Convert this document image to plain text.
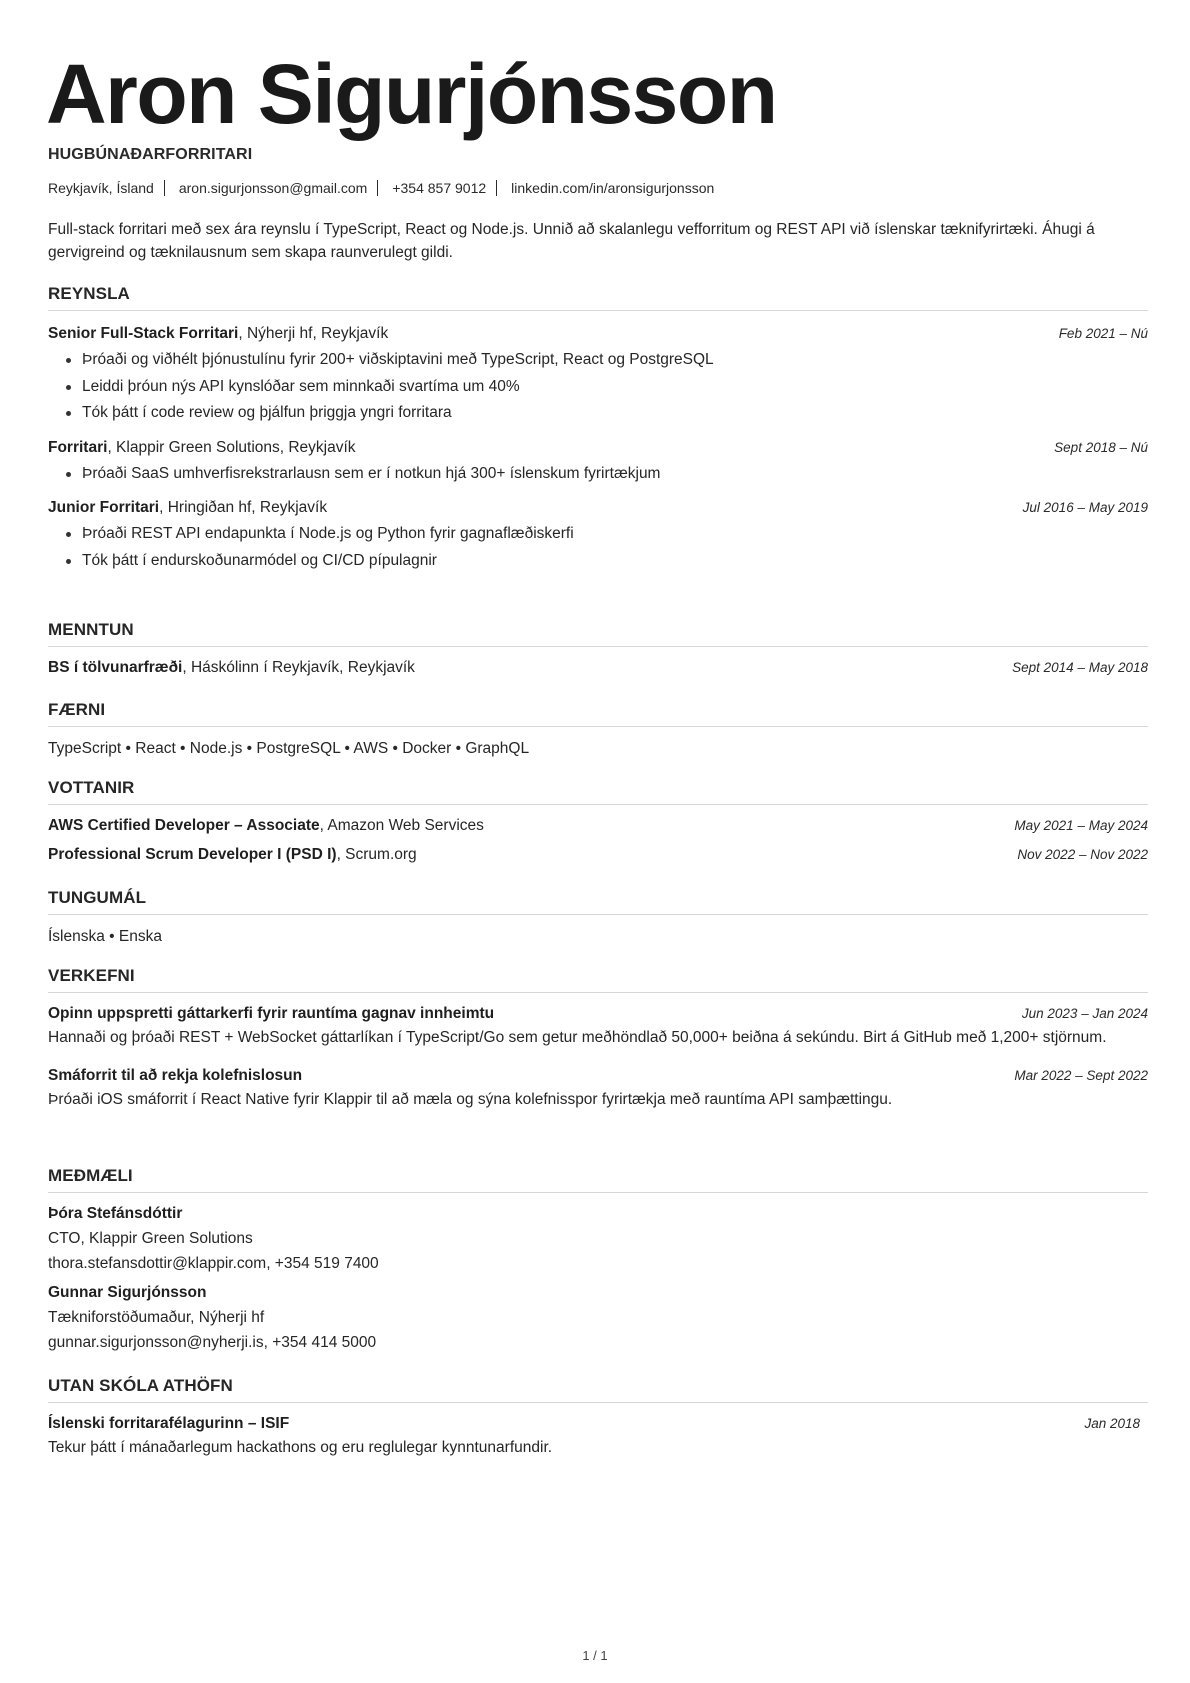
Aron Sigurjónsson
HUGBÚNAÐARFORRITARI
Reykjavík, Ísland aron.sigurjonsson@gmail.com +354 857 9012 linkedin.com/in/aronsigurjonsson
Full-stack forritari með sex ára reynslu í TypeScript, React og Node.js. Unnið að skalanlegu vefforritum og REST API við íslenskar tæknifyrirtæki. Áhugi á gervigreind og tæknilausnum sem skapa raunverulegt gildi.
REYNSLA
Senior Full-Stack Forritari, Nýherji hf, Reykjavík	Feb 2021 – Nú
Þróaði og viðhélt þjónustulínu fyrir 200+ viðskiptavini með TypeScript, React og PostgreSQL
Leiddi þróun nýs API kynslóðar sem minnkaði svartíma um 40%
Tók þátt í code review og þjálfun þriggja yngri forritara
Forritari, Klappir Green Solutions, Reykjavík	Sept 2018 – Nú
Þróaði SaaS umhverfisrekstrarlausn sem er í notkun hjá 300+ íslenskum fyrirtækjum
Junior Forritari, Hringiðan hf, Reykjavík	Jul 2016 – May 2019
Þróaði REST API endapunkta í Node.js og Python fyrir gagnaflæðiskerfi
Tók þátt í endurskoðunarmódel og CI/CD pípulagnir
MENNTUN
BS í tölvunarfræði, Háskólinn í Reykjavík, Reykjavík	Sept 2014 – May 2018
FÆRNI
TypeScript • React • Node.js • PostgreSQL • AWS • Docker • GraphQL
VOTTANIR
AWS Certified Developer – Associate, Amazon Web Services	May 2021 – May 2024
Professional Scrum Developer I (PSD I), Scrum.org	Nov 2022 – Nov 2022
TUNGUMÁL
Íslenska • Enska
VERKEFNI
Opinn uppspretti gáttarkerfi fyrir rauntíma gagnav innheimtu	Jun 2023 – Jan 2024
Hannaði og þróaði REST + WebSocket gáttarlíkan í TypeScript/Go sem getur meðhöndlað 50,000+ beiðna á sekúndu. Birt á GitHub með 1,200+ stjörnum.
Smáforrit til að rekja kolefnislosun	Mar 2022 – Sept 2022
Þróaði iOS smáforrit í React Native fyrir Klappir til að mæla og sýna kolefnisspor fyrirtækja með rauntíma API samþættingu.
MEÐMÆLI
Þóra Stefánsdóttir
CTO, Klappir Green Solutions
thora.stefansdottir@klappir.com, +354 519 7400
Gunnar Sigurjónsson
Tækniforstöðumaður, Nýherji hf
gunnar.sigurjonsson@nyherji.is, +354 414 5000
UTAN SKÓLA ATHÖFN
Íslenski forritarafélagurinn – ISIF	Jan 2018
Tekur þátt í mánaðarlegum hackathons og eru reglulegar kynntunarfundir.
1 / 1
